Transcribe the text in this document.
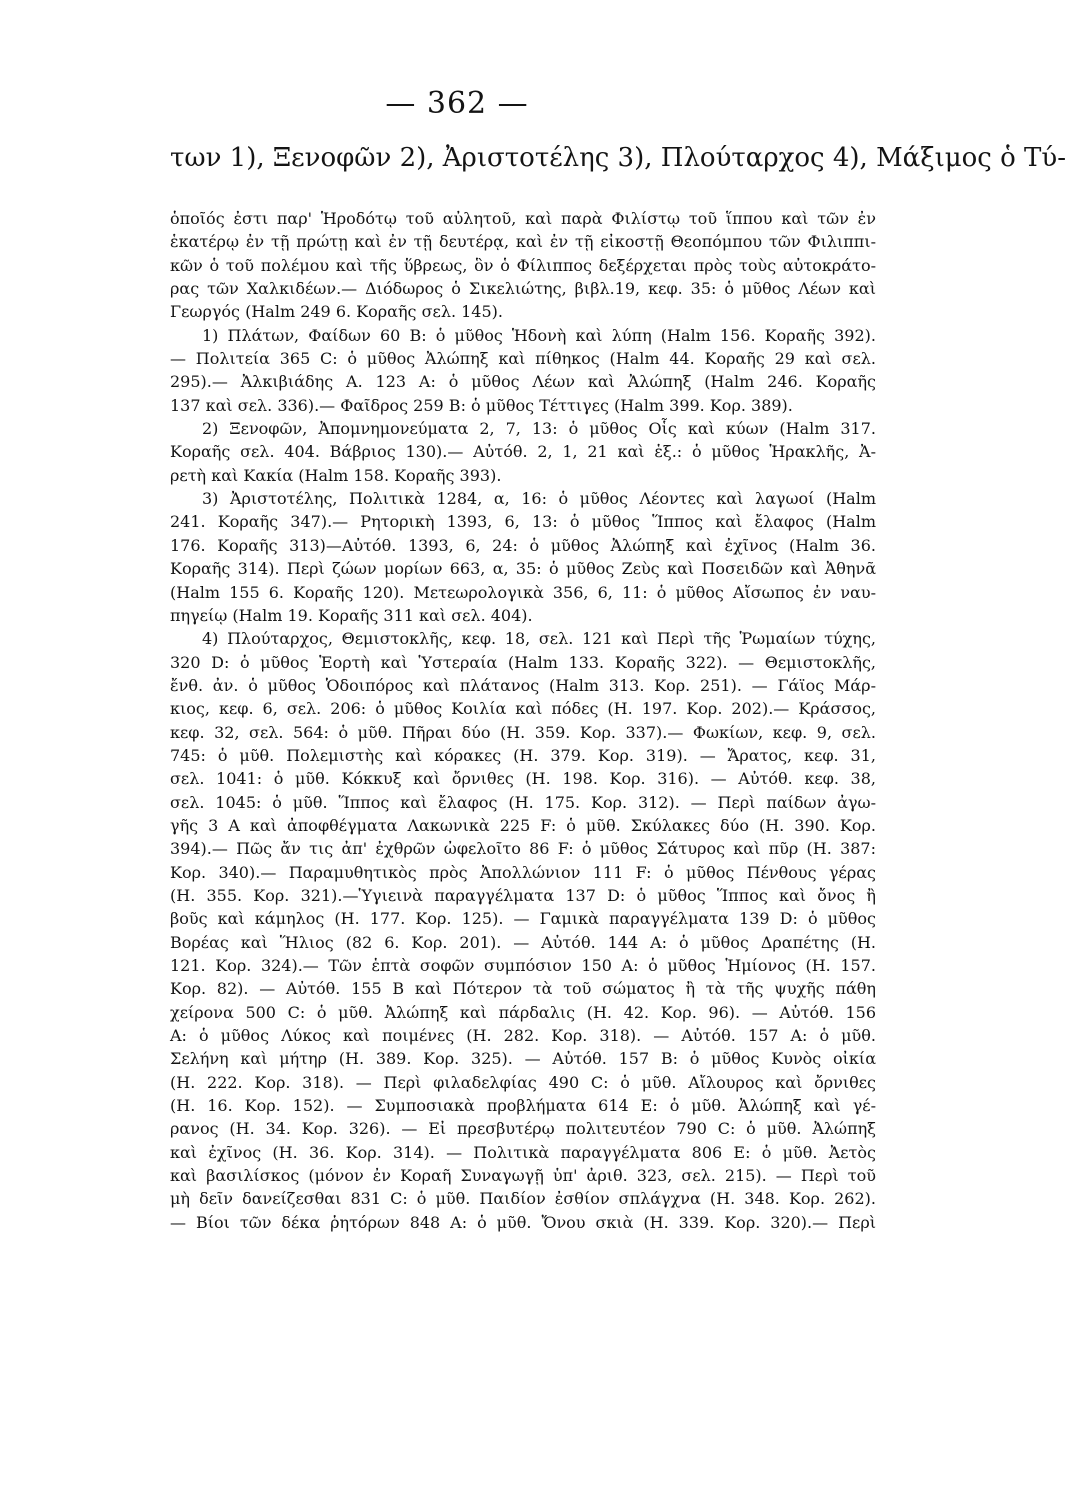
— 362 —
των 1), Ξενοφῶν 2), Ἀριστοτέλης 3), Πλούταρχος 4), Μάξιμος ὁ Τύ-
ὁποῖός ἐστι παρ' Ἡροδότῳ τοῦ αὐλητοῦ, καὶ παρὰ Φιλίστῳ τοῦ ἵππου καὶ τῶν ἐν
ἑκατέρῳ ἐν τῇ πρώτῃ καὶ ἐν τῇ δευτέρᾳ, καὶ ἐν τῇ εἰκοστῇ Θεοπόμπου τῶν Φιλιππι-
κῶν ὁ τοῦ πολέμου καὶ τῆς ὕβρεως, ὃν ὁ Φίλιππος δεξέρχεται πρὸς τοὺς αὐτοκράτο-
ρας τῶν Χαλκιδέων.— Διόδωρος ὁ Σικελιώτης, βιβλ.19, κεφ. 35: ὁ μῦθος Λέων καὶ
Γεωργός (Halm 249 6. Κοραῆς σελ. 145).
1) Πλάτων, Φαίδων 60 B: ὁ μῦθος Ἡδονὴ καὶ λύπη (Halm 156. Κοραῆς 392).
— Πολιτεία 365 C: ὁ μῦθος Ἀλώπηξ καὶ πίθηκος (Halm 44. Κοραῆς 29 καὶ σελ.
295).— Ἀλκιβιάδης Α. 123 Α: ὁ μῦθος Λέων καὶ Ἀλώπηξ (Halm 246. Κοραῆς
137 καὶ σελ. 336).— Φαῖδρος 259 Β: ὁ μῦθος Τέττιγες (Halm 399. Κορ. 389).
2) Ξενοφῶν, Ἀπομνημονεύματα 2, 7, 13: ὁ μῦθος Οἷς καὶ κύων (Halm 317.
Κοραῆς σελ. 404. Βάβριος 130).— Αὐτόθ. 2, 1, 21 καὶ ἑξ.: ὁ μῦθος Ἡρακλῆς, Ἀ-
ρετὴ καὶ Κακία (Halm 158. Κοραῆς 393).
3) Ἀριστοτέλης, Πολιτικὰ 1284, α, 16: ὁ μῦθος Λέοντες καὶ λαγωοί (Halm
241. Κοραῆς 347).— Ρητορικὴ 1393, 6, 13: ὁ μῦθος Ἵππος καὶ ἔλαφος (Halm
176. Κοραῆς 313)—Αὐτόθ. 1393, 6, 24: ὁ μῦθος Ἀλώπηξ καὶ ἐχῖνος (Halm 36.
Κοραῆς 314). Περὶ ζώων μορίων 663, α, 35: ὁ μῦθος Ζεὺς καὶ Ποσειδῶν καὶ Ἀθηνᾶ
(Halm 155 6. Κοραῆς 120). Μετεωρολογικὰ 356, 6, 11: ὁ μῦθος Αἴσωπος ἐν ναυ-
πηγείῳ (Halm 19. Κοραῆς 311 καὶ σελ. 404).
4) Πλούταρχος, Θεμιστοκλῆς, κεφ. 18, σελ. 121 καὶ Περὶ τῆς Ῥωμαίων τύχης,
320 D: ὁ μῦθος Ἑορτὴ καὶ Ὑστεραία (Halm 133. Κοραῆς 322). — Θεμιστοκλῆς,
ἔνθ. ἀν. ὁ μῦθος Ὁδοιπόρος καὶ πλάτανος (Halm 313. Κορ. 251). — Γάϊος Μάρ-
κιος, κεφ. 6, σελ. 206: ὁ μῦθος Κοιλία καὶ πόδες (H. 197. Κορ. 202).— Κράσσος,
κεφ. 32, σελ. 564: ὁ μῦθ. Πῆραι δύο (H. 359. Κορ. 337).— Φωκίων, κεφ. 9, σελ.
745: ὁ μῦθ. Πολεμιστὴς καὶ κόρακες (H. 379. Κορ. 319). — Ἄρατος, κεφ. 31,
σελ. 1041: ὁ μῦθ. Κόκκυξ καὶ ὄρνιθες (H. 198. Κορ. 316). — Αὐτόθ. κεφ. 38,
σελ. 1045: ὁ μῦθ. Ἵππος καὶ ἔλαφος (H. 175. Κορ. 312). — Περὶ παίδων ἀγω-
γῆς 3 Α καὶ ἀποφθέγματα Λακωνικὰ 225 F: ὁ μῦθ. Σκύλακες δύο (H. 390. Κορ.
394).— Πῶς ἄν τις ἀπ' ἐχθρῶν ὠφελοῖτο 86 F: ὁ μῦθος Σάτυρος καὶ πῦρ (H. 387:
Κορ. 340).— Παραμυθητικὸς πρὸς Ἀπολλώνιον 111 F: ὁ μῦθος Πένθους γέρας
(H. 355. Κορ. 321).—Ὑγιεινὰ παραγγέλματα 137 D: ὁ μῦθος Ἵππος καὶ ὄνος ἢ
βοῦς καὶ κάμηλος (H. 177. Κορ. 125). — Γαμικὰ παραγγέλματα 139 D: ὁ μῦθος
Βορέας καὶ Ἥλιος (82 6. Κορ. 201). — Αὐτόθ. 144 Α: ὁ μῦθος Δραπέτης (H.
121. Κορ. 324).— Τῶν ἑπτὰ σοφῶν συμπόσιον 150 Α: ὁ μῦθος Ἡμίονος (H. 157.
Κορ. 82). — Αὐτόθ. 155 B καὶ Πότερον τὰ τοῦ σώματος ἢ τὰ τῆς ψυχῆς πάθη
χείρονα 500 C: ὁ μῦθ. Ἀλώπηξ καὶ πάρδαλις (H. 42. Κορ. 96). — Αὐτόθ. 156
Α: ὁ μῦθος Λύκος καὶ ποιμένες (H. 282. Κορ. 318). — Αὐτόθ. 157 Α: ὁ μῦθ.
Σελήνη καὶ μήτηρ (H. 389. Κορ. 325). — Αὐτόθ. 157 B: ὁ μῦθος Κυνὸς οἰκία
(H. 222. Κορ. 318). — Περὶ φιλαδελφίας 490 C: ὁ μῦθ. Αἴλουρος καὶ ὄρνιθες
(H. 16. Κορ. 152). — Συμποσιακὰ προβλήματα 614 E: ὁ μῦθ. Ἀλώπηξ καὶ γέ-
ρανος (H. 34. Κορ. 326). — Εἰ πρεσβυτέρῳ πολιτευτέον 790 C: ὁ μῦθ. Ἀλώπηξ
καὶ ἐχῖνος (H. 36. Κορ. 314). — Πολιτικὰ παραγγέλματα 806 E: ὁ μῦθ. Ἀετὸς
καὶ βασιλίσκος (μόνον ἐν Κοραῆ Συναγωγῇ ὑπ' ἀριθ. 323, σελ. 215). — Περὶ τοῦ
μὴ δεῖν δανείζεσθαι 831 C: ὁ μῦθ. Παιδίον ἐσθίον σπλάγχνα (H. 348. Κορ. 262).
— Βίοι τῶν δέκα ῥητόρων 848 Α: ὁ μῦθ. Ὄνου σκιὰ (H. 339. Κορ. 320).— Περὶ
